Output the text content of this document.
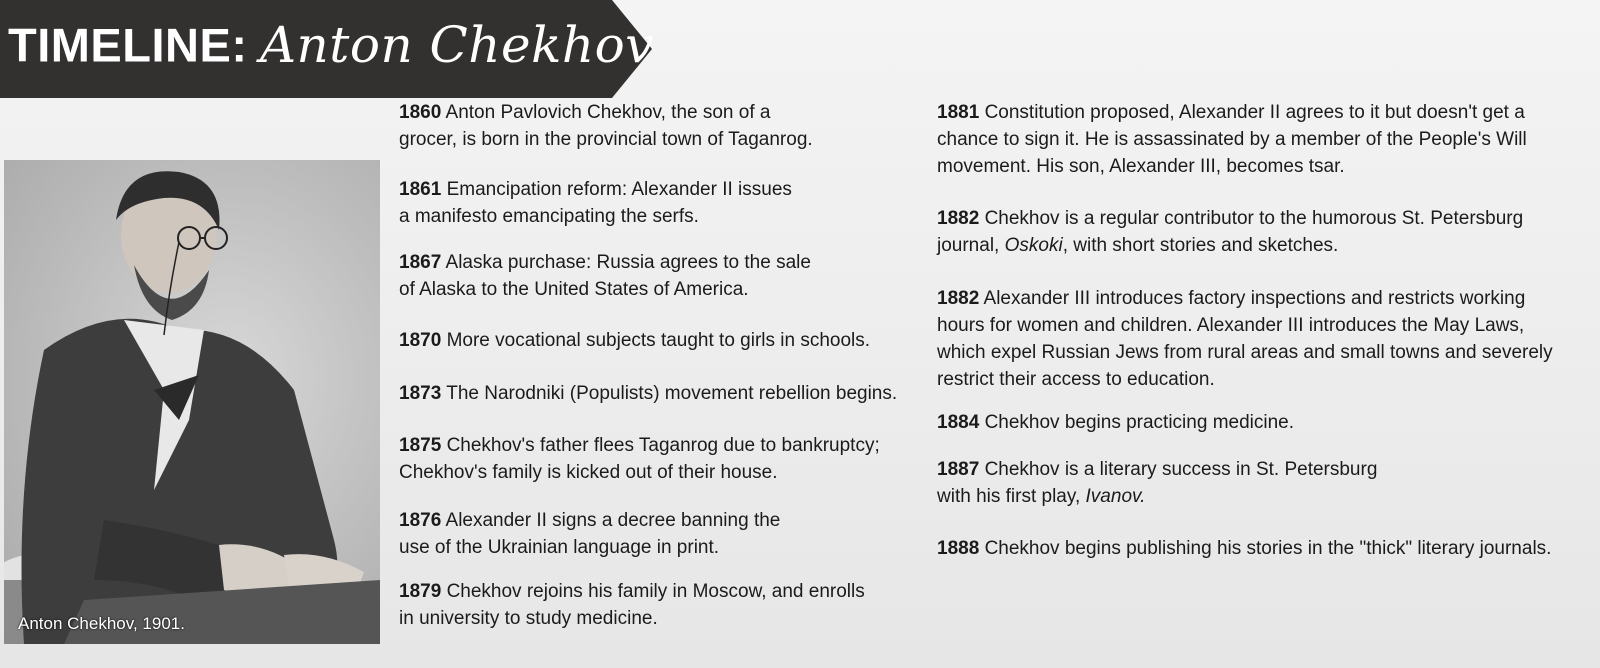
TIMELINE: Anton Chekhov
Anton Chekhov, 1901.
1860 Anton Pavlovich Chekhov, the son of a
grocer, is born in the provincial town of Taganrog.
1861 Emancipation reform: Alexander II issues
a manifesto emancipating the serfs.
1867 Alaska purchase: Russia agrees to the sale
of Alaska to the United States of America.
1870 More vocational subjects taught to girls in schools.
1873 The Narodniki (Populists) movement rebellion begins.
1875 Chekhov's father flees Taganrog due to bankruptcy;
Chekhov's family is kicked out of their house.
1876 Alexander II signs a decree banning the
use of the Ukrainian language in print.
1879 Chekhov rejoins his family in Moscow, and enrolls
in university to study medicine.
1881 Constitution proposed, Alexander II agrees to it but doesn't get a
chance to sign it. He is assassinated by a member of the People's Will
movement. His son, Alexander III, becomes tsar.
1882 Chekhov is a regular contributor to the humorous St. Petersburg
journal, Oskoki, with short stories and sketches.
1882 Alexander III introduces factory inspections and restricts working
hours for women and children. Alexander III introduces the May Laws,
which expel Russian Jews from rural areas and small towns and severely
restrict their access to education.
1884 Chekhov begins practicing medicine.
1887 Chekhov is a literary success in St. Petersburg
with his first play, Ivanov.
1888 Chekhov begins publishing his stories in the "thick" literary journals.
